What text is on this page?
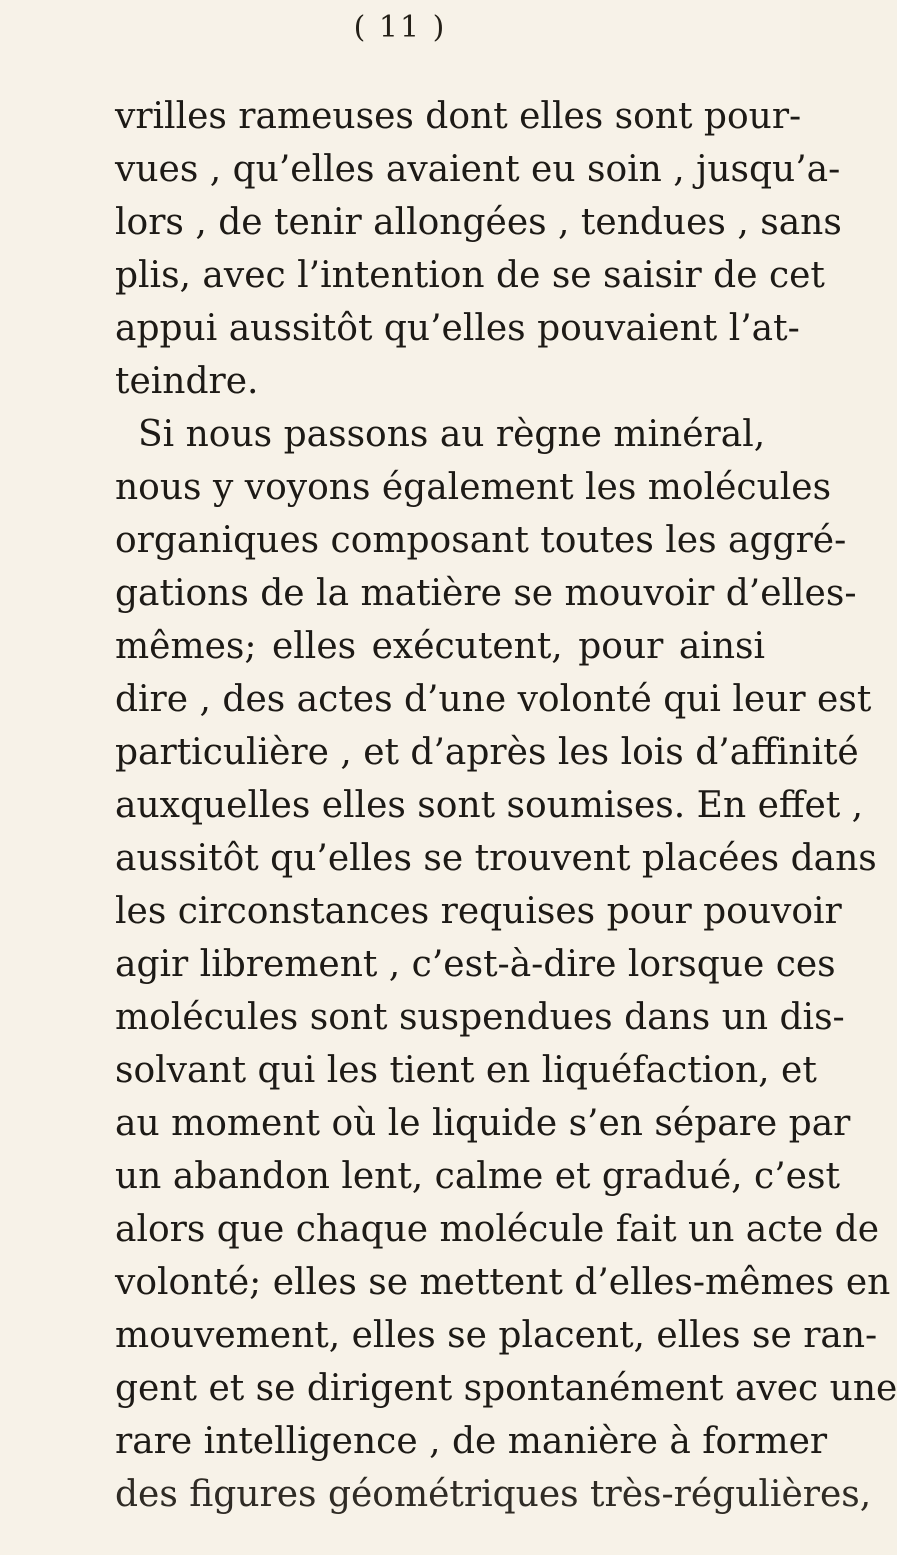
( 11 )
vrilles rameuses dont elles sont pour-
vues , qu’elles avaient eu soin , jusqu’a-
lors , de tenir allongées , tendues , sans
plis, avec l’intention de se saisir de cet
appui aussitôt qu’elles pouvaient l’at-
teindre.
Si nous passons au règne minéral,
nous y voyons également les molécules
organiques composant toutes les aggré-
gations de la matière se mouvoir d’elles-
mêmes; elles exécutent, pour ainsi
dire , des actes d’une volonté qui leur est
particulière , et d’après les lois d’affinité
auxquelles elles sont soumises. En effet ,
aussitôt qu’elles se trouvent placées dans
les circonstances requises pour pouvoir
agir librement , c’est-à-dire lorsque ces
molécules sont suspendues dans un dis-
solvant qui les tient en liquéfaction, et
au moment où le liquide s’en sépare par
un abandon lent, calme et gradué, c’est
alors que chaque molécule fait un acte de
volonté; elles se mettent d’elles-mêmes en
mouvement, elles se placent, elles se ran-
gent et se dirigent spontanément avec une
rare intelligence , de manière à former
des figures géométriques très-régulières,
